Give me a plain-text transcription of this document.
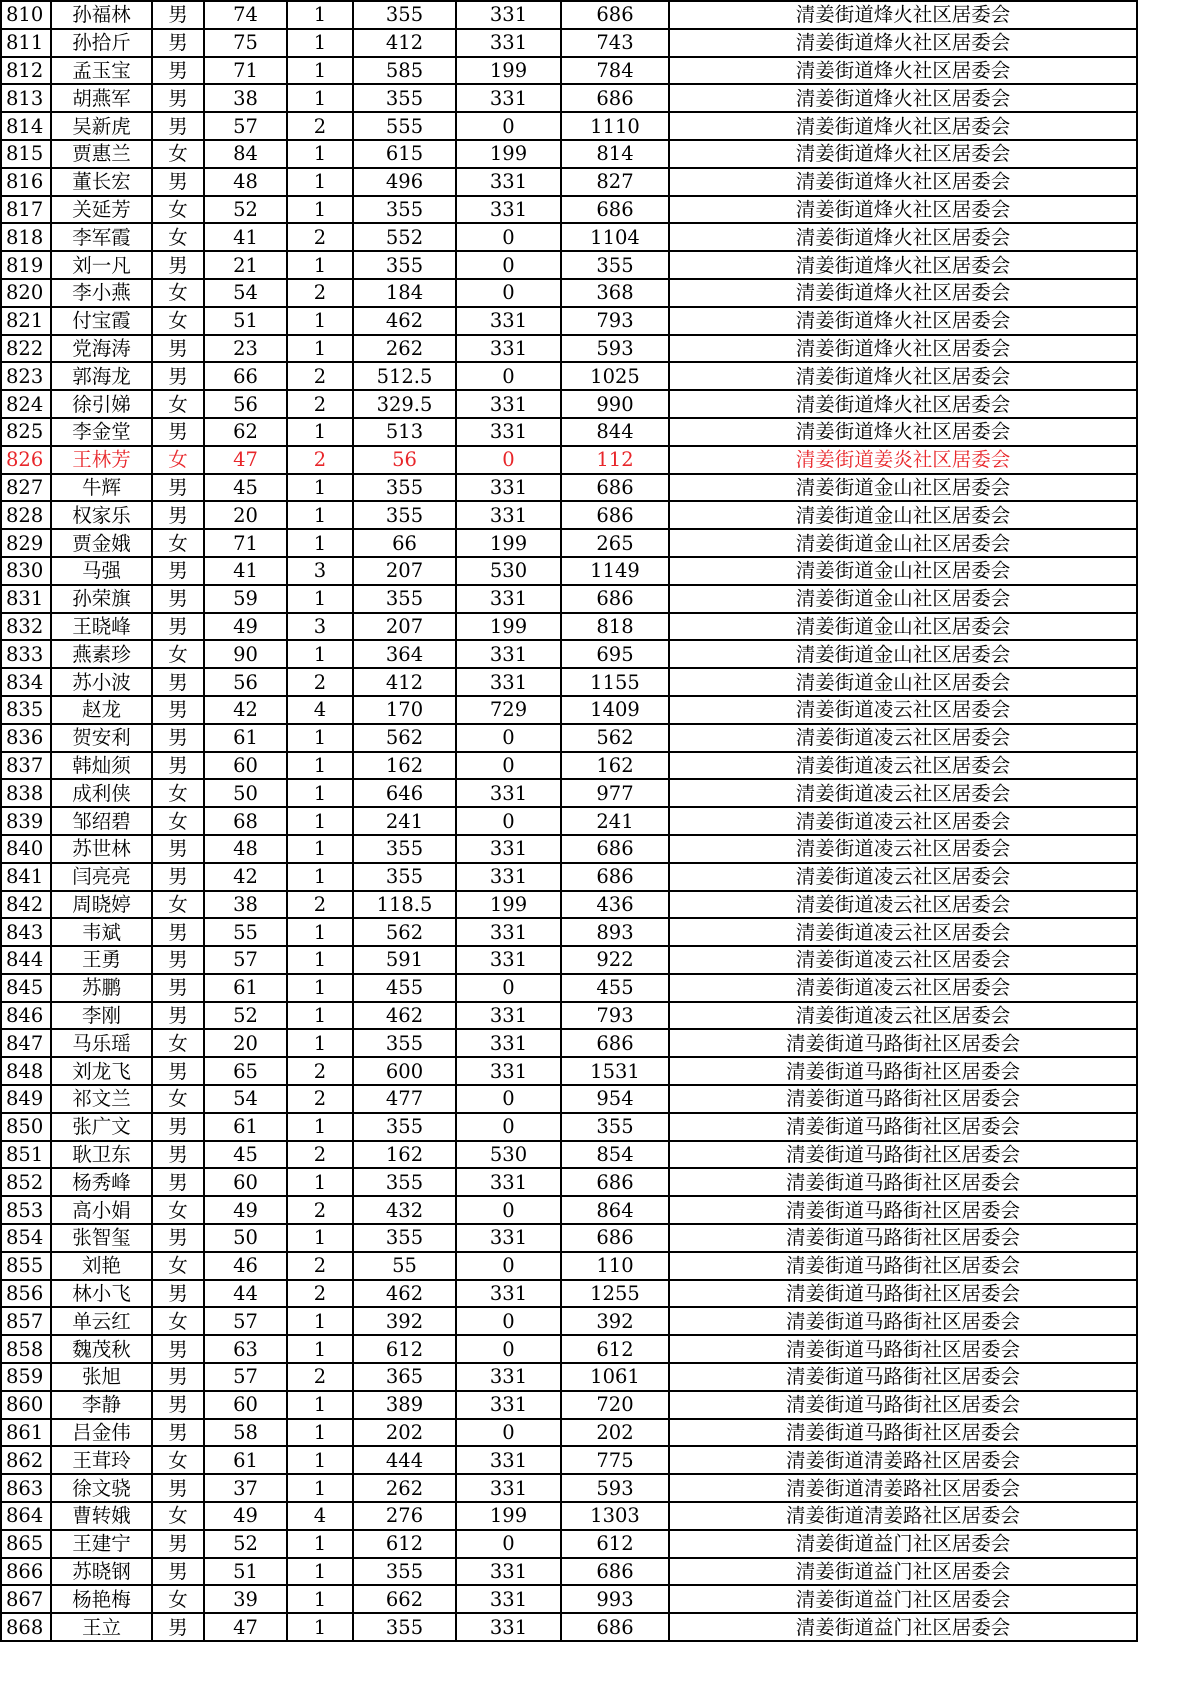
810	孙福林	男	74	1	355	331	686	清姜街道烽火社区居委会
811	孙拾斤	男	75	1	412	331	743	清姜街道烽火社区居委会
812	孟玉宝	男	71	1	585	199	784	清姜街道烽火社区居委会
813	胡燕军	男	38	1	355	331	686	清姜街道烽火社区居委会
814	吴新虎	男	57	2	555	0	1110	清姜街道烽火社区居委会
815	贾惠兰	女	84	1	615	199	814	清姜街道烽火社区居委会
816	董长宏	男	48	1	496	331	827	清姜街道烽火社区居委会
817	关延芳	女	52	1	355	331	686	清姜街道烽火社区居委会
818	李军霞	女	41	2	552	0	1104	清姜街道烽火社区居委会
819	刘一凡	男	21	1	355	0	355	清姜街道烽火社区居委会
820	李小燕	女	54	2	184	0	368	清姜街道烽火社区居委会
821	付宝霞	女	51	1	462	331	793	清姜街道烽火社区居委会
822	党海涛	男	23	1	262	331	593	清姜街道烽火社区居委会
823	郭海龙	男	66	2	512.5	0	1025	清姜街道烽火社区居委会
824	徐引娣	女	56	2	329.5	331	990	清姜街道烽火社区居委会
825	李金堂	男	62	1	513	331	844	清姜街道烽火社区居委会
826	王林芳	女	47	2	56	0	112	清姜街道姜炎社区居委会
827	牛辉	男	45	1	355	331	686	清姜街道金山社区居委会
828	权家乐	男	20	1	355	331	686	清姜街道金山社区居委会
829	贾金娥	女	71	1	66	199	265	清姜街道金山社区居委会
830	马强	男	41	3	207	530	1149	清姜街道金山社区居委会
831	孙荣旗	男	59	1	355	331	686	清姜街道金山社区居委会
832	王晓峰	男	49	3	207	199	818	清姜街道金山社区居委会
833	燕素珍	女	90	1	364	331	695	清姜街道金山社区居委会
834	苏小波	男	56	2	412	331	1155	清姜街道金山社区居委会
835	赵龙	男	42	4	170	729	1409	清姜街道凌云社区居委会
836	贺安利	男	61	1	562	0	562	清姜街道凌云社区居委会
837	韩灿须	男	60	1	162	0	162	清姜街道凌云社区居委会
838	成利侠	女	50	1	646	331	977	清姜街道凌云社区居委会
839	邹绍碧	女	68	1	241	0	241	清姜街道凌云社区居委会
840	苏世林	男	48	1	355	331	686	清姜街道凌云社区居委会
841	闫亮亮	男	42	1	355	331	686	清姜街道凌云社区居委会
842	周晓婷	女	38	2	118.5	199	436	清姜街道凌云社区居委会
843	韦斌	男	55	1	562	331	893	清姜街道凌云社区居委会
844	王勇	男	57	1	591	331	922	清姜街道凌云社区居委会
845	苏鹏	男	61	1	455	0	455	清姜街道凌云社区居委会
846	李刚	男	52	1	462	331	793	清姜街道凌云社区居委会
847	马乐瑶	女	20	1	355	331	686	清姜街道马路街社区居委会
848	刘龙飞	男	65	2	600	331	1531	清姜街道马路街社区居委会
849	祁文兰	女	54	2	477	0	954	清姜街道马路街社区居委会
850	张广文	男	61	1	355	0	355	清姜街道马路街社区居委会
851	耿卫东	男	45	2	162	530	854	清姜街道马路街社区居委会
852	杨秀峰	男	60	1	355	331	686	清姜街道马路街社区居委会
853	高小娟	女	49	2	432	0	864	清姜街道马路街社区居委会
854	张智玺	男	50	1	355	331	686	清姜街道马路街社区居委会
855	刘艳	女	46	2	55	0	110	清姜街道马路街社区居委会
856	林小飞	男	44	2	462	331	1255	清姜街道马路街社区居委会
857	单云红	女	57	1	392	0	392	清姜街道马路街社区居委会
858	魏茂秋	男	63	1	612	0	612	清姜街道马路街社区居委会
859	张旭	男	57	2	365	331	1061	清姜街道马路街社区居委会
860	李静	男	60	1	389	331	720	清姜街道马路街社区居委会
861	吕金伟	男	58	1	202	0	202	清姜街道马路街社区居委会
862	王茸玲	女	61	1	444	331	775	清姜街道清姜路社区居委会
863	徐文骁	男	37	1	262	331	593	清姜街道清姜路社区居委会
864	曹转娥	女	49	4	276	199	1303	清姜街道清姜路社区居委会
865	王建宁	男	52	1	612	0	612	清姜街道益门社区居委会
866	苏晓钢	男	51	1	355	331	686	清姜街道益门社区居委会
867	杨艳梅	女	39	1	662	331	993	清姜街道益门社区居委会
868	王立	男	47	1	355	331	686	清姜街道益门社区居委会
